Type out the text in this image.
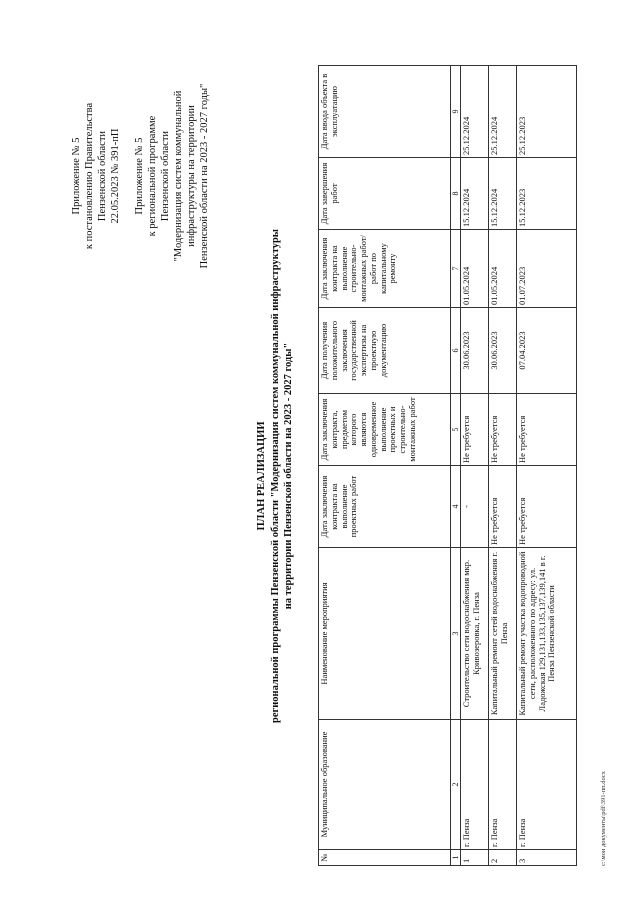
Приложение № 5 к постановлению Правительства Пензенской области 22.05.2023 № 391-пП Приложение № 5 к региональной программе Пензенской области "Модернизация систем коммунальной инфраструктуры на территории Пензенской области на 2023 - 2027 годы"

ПЛАН РЕАЛИЗАЦИИ региональной программы Пензенской области "Модернизация систем коммунальной инфраструктуры на территории Пензенской области на 2023 - 2027 годы"

№	Муниципальное образование	Наименование мероприятия	Дата заключения контракта на выполнение проектных работ	Дата заключения контракта, предметом которого являются одновременное выполнение проектных и строительно-монтажных работ	Дата получения положительного заключения государственной экспертизы на проектную документацию	Дата заключения контракта на выполнение строительно-монтажных работ/ работ по капитальному ремонту	Дата завершения работ	Дата ввода объекта в эксплуатацию
1	2	3	4	5	6	7	8	9
1	г. Пенза	Строительство сети водоснабжения мкр. Кривозеровка, г. Пенза	-	Не требуется	30.06.2023	01.05.2024	15.12.2024	25.12.2024
2	г. Пенза	Капитальный ремонт сетей водоснабжения г. Пенза	Не требуется	Не требуется	30.06.2023	01.05.2024	15.12.2024	25.12.2024
3	г. Пенза	Капитальный ремонт участка водопроводной сети, расположенного по адресу: ул. Ладожская 129,131,133,135,137,139,141 в г. Пенза Пензенской области	Не требуется	Не требуется	07.04.2023	01.07.2023	15.12.2023	25.12.2023
c:\мои документы\pdf\391-пп.docx
